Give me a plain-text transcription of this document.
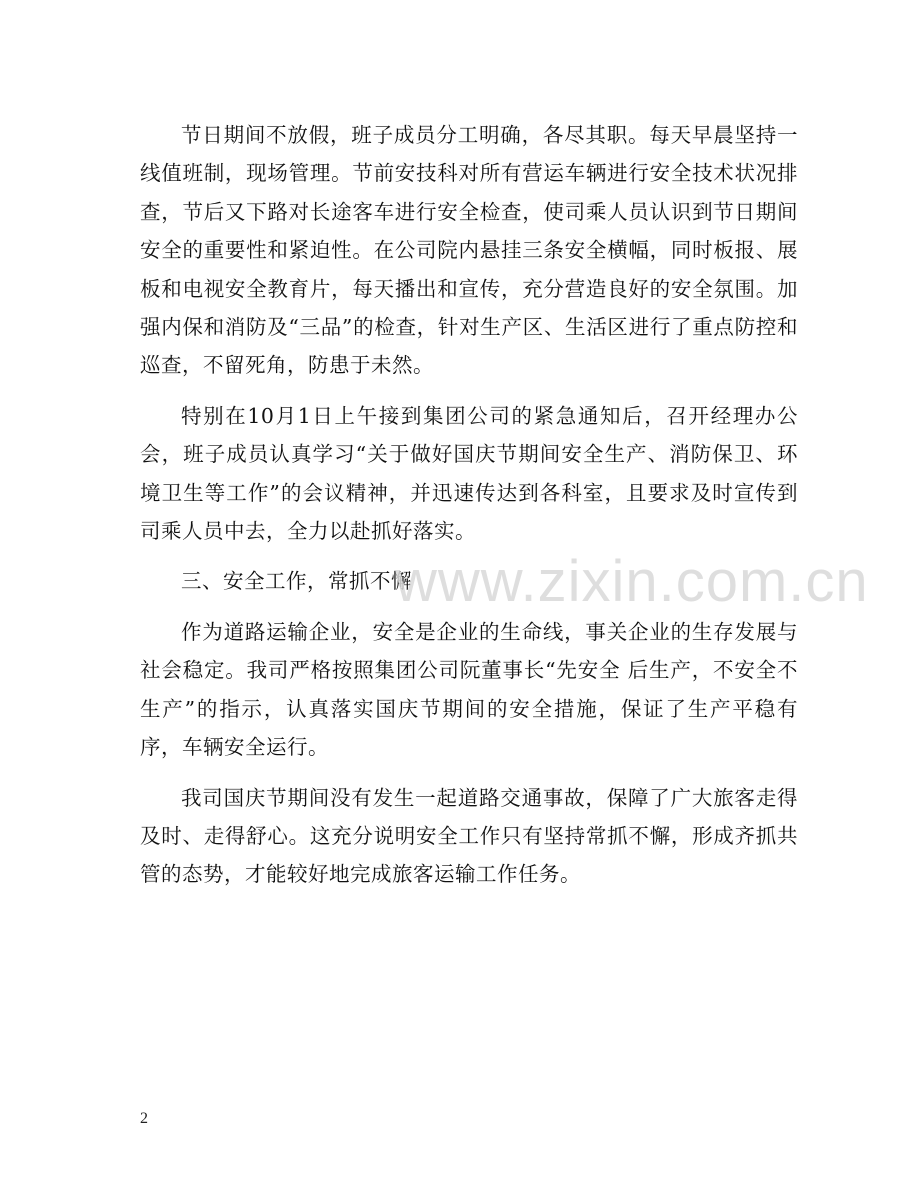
节日期间不放假，班子成员分工明确，各尽其职。每天早晨坚持一线值班制，现场管理。节前安技科对所有营运车辆进行安全技术状况排查，节后又下路对长途客车进行安全检查，使司乘人员认识到节日期间安全的重要性和紧迫性。在公司院内悬挂三条安全横幅，同时板报、展板和电视安全教育片，每天播出和宣传，充分营造良好的安全氛围。加强内保和消防及“三品”的检查，针对生产区、生活区进行了重点防控和巡查，不留死角，防患于未然。

特别在10月1日上午接到集团公司的紧急通知后，召开经理办公会，班子成员认真学习“关于做好国庆节期间安全生产、消防保卫、环境卫生等工作”的会议精神，并迅速传达到各科室，且要求及时宣传到司乘人员中去，全力以赴抓好落实。

三、安全工作，常抓不懈

作为道路运输企业，安全是企业的生命线，事关企业的生存发展与社会稳定。我司严格按照集团公司阮董事长“先安全 后生产，不安全不生产”的指示，认真落实国庆节期间的安全措施，保证了生产平稳有序，车辆安全运行。

我司国庆节期间没有发生一起道路交通事故，保障了广大旅客走得及时、走得舒心。这充分说明安全工作只有坚持常抓不懈，形成齐抓共管的态势，才能较好地完成旅客运输工作任务。

www.zixin.com.cn
2
